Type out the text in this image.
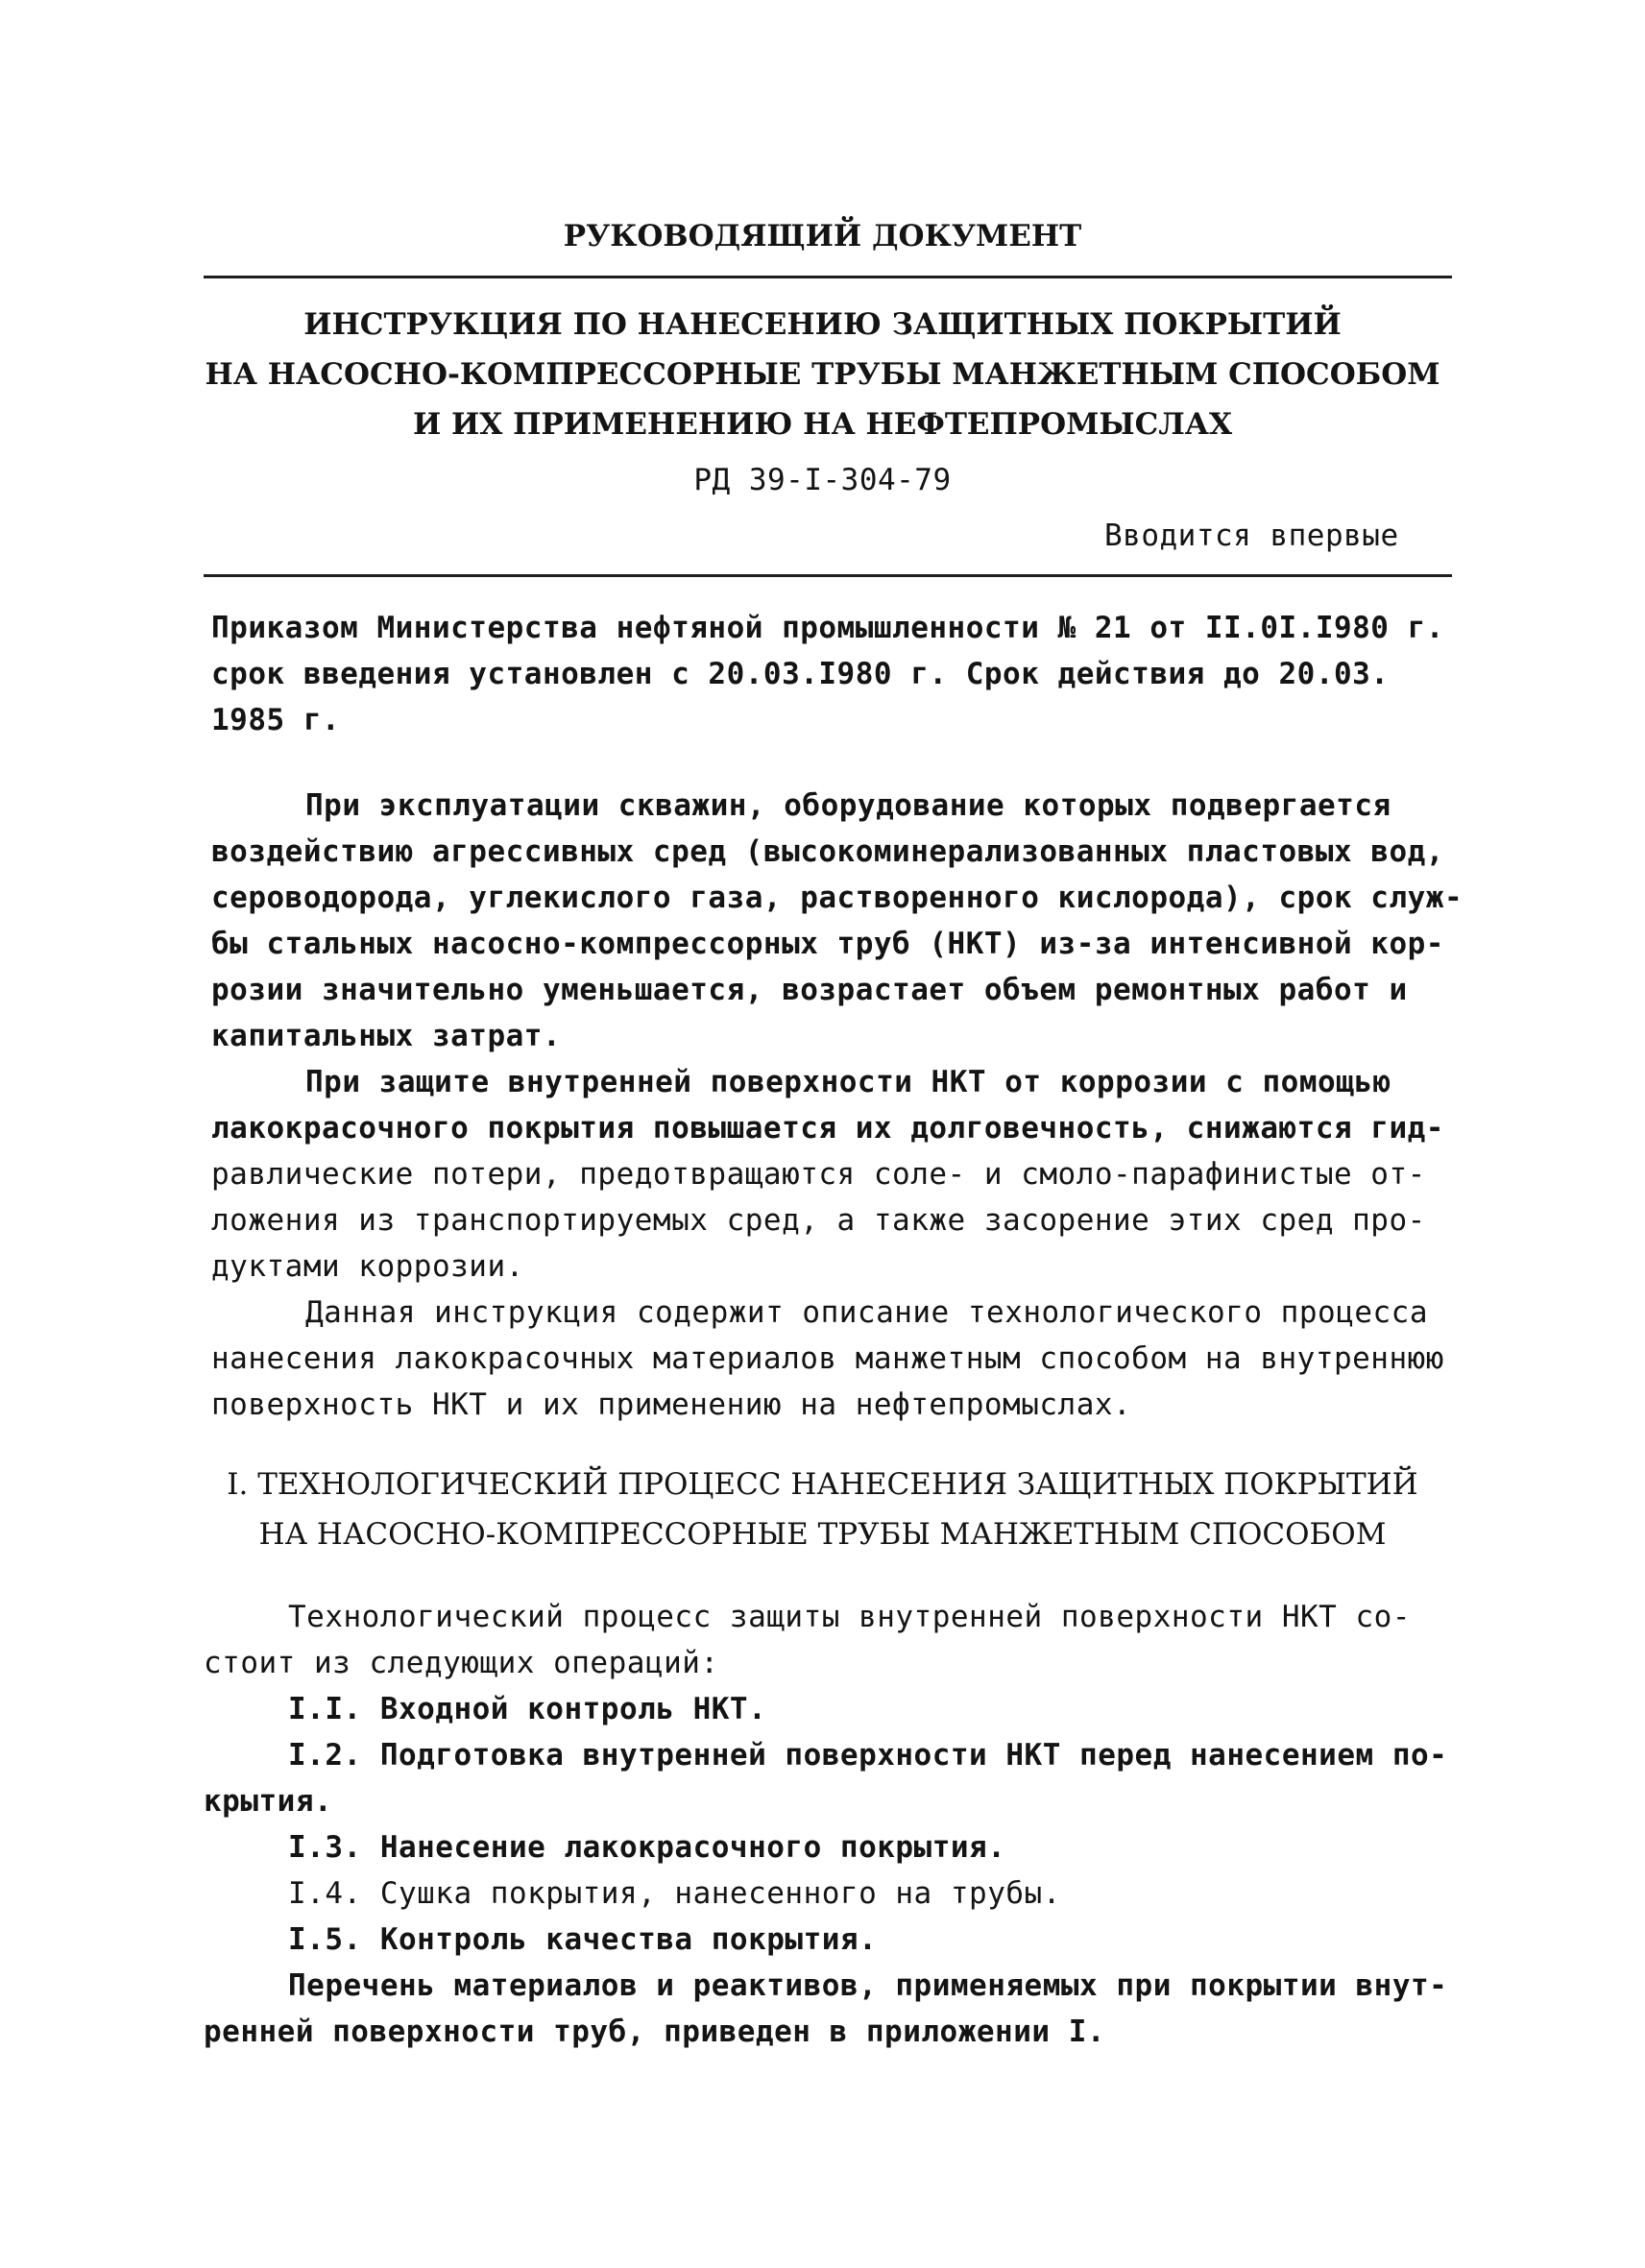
РУКОВОДЯЩИЙ ДОКУМЕНТ
ИНСТРУКЦИЯ ПО НАНЕСЕНИЮ ЗАЩИТНЫХ ПОКРЫТИЙ
НА НАСОСНО-КОМПРЕССОРНЫЕ ТРУБЫ МАНЖЕТНЫМ СПОСОБОМ
И ИХ ПРИМЕНЕНИЮ НА НЕФТЕПРОМЫСЛАХ
РД 39-I-304-79
Вводится впервые
Приказом Министерства нефтяной промышленности № 21 от II.0I.I980 г.
срок введения установлен с 20.03.I980 г. Срок действия до 20.03.
1985 г.
При эксплуатации скважин, оборудование которых подвергается
воздействию агрессивных сред (высокоминерализованных пластовых вод,
сероводорода, углекислого газа, растворенного кислорода), срок служ-
бы стальных насосно-компрессорных труб (НКТ) из-за интенсивной кор-
розии значительно уменьшается, возрастает объем ремонтных работ и
капитальных затрат.
При защите внутренней поверхности НКТ от коррозии с помощью
лакокрасочного покрытия повышается их долговечность, снижаются гид-
равлические потери, предотвращаются соле- и смоло-парафинистые от-
ложения из транспортируемых сред, а также засорение этих сред про-
дуктами коррозии.
Данная инструкция содержит описание технологического процесса
нанесения лакокрасочных материалов манжетным способом на внутреннюю
поверхность НКТ и их применению на нефтепромыслах.
I. ТЕХНОЛОГИЧЕСКИЙ ПРОЦЕСС НАНЕСЕНИЯ ЗАЩИТНЫХ ПОКРЫТИЙ
НА НАСОСНО-КОМПРЕССОРНЫЕ ТРУБЫ МАНЖЕТНЫМ СПОСОБОМ
Технологический процесс защиты внутренней поверхности НКТ со-
стоит из следующих операций:
I.I. Входной контроль НКТ.
I.2. Подготовка внутренней поверхности НКТ перед нанесением по-
крытия.
I.3. Нанесение лакокрасочного покрытия.
I.4. Сушка покрытия, нанесенного на трубы.
I.5. Контроль качества покрытия.
Перечень материалов и реактивов, применяемых при покрытии внут-
ренней поверхности труб, приведен в приложении I.
